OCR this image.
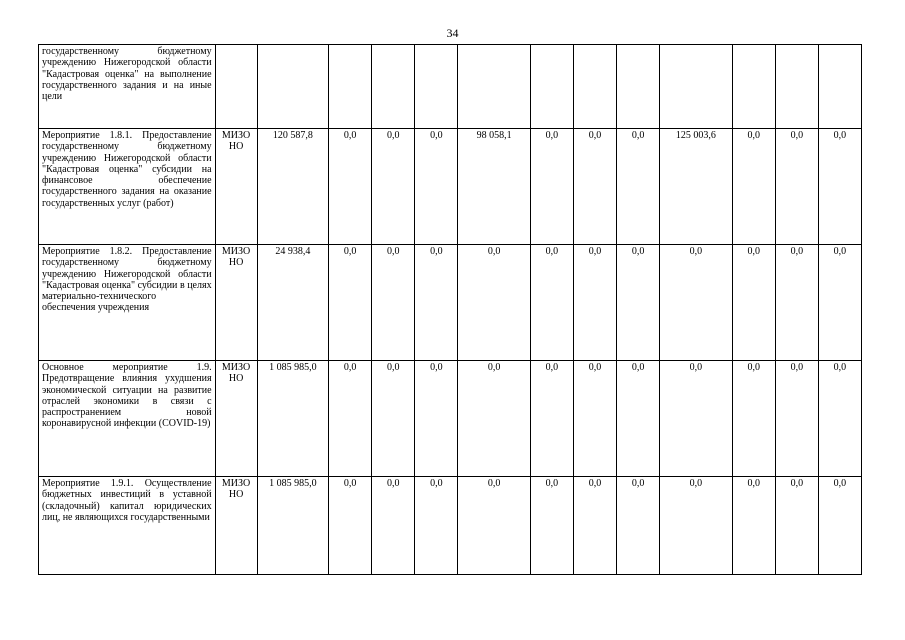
34
государственному бюджетному учреждению Нижегородской области "Кадастровая оценка" на выполнение государственного задания и на иные цели													
Мероприятие 1.8.1. Предоставление государственному бюджетному учреждению Нижегородской области "Кадастровая оценка" субсидии на финансовое обеспечение государственного задания на оказание государственных услуг (работ)	МИЗО НО	120 587,8	0,0	0,0	0,0	98 058,1	0,0	0,0	0,0	125 003,6	0,0	0,0	0,0
Мероприятие 1.8.2. Предоставление государственному бюджетному учреждению Нижегородской области "Кадастровая оценка" субсидии в целях материально-технического обеспечения учреждения	МИЗО НО	24 938,4	0,0	0,0	0,0	0,0	0,0	0,0	0,0	0,0	0,0	0,0	0,0
Основное мероприятие 1.9. Предотвращение влияния ухудшения экономической ситуации на развитие отраслей экономики в связи с распространением новой коронавирусной инфекции (COVID-19)	МИЗО НО	1 085 985,0	0,0	0,0	0,0	0,0	0,0	0,0	0,0	0,0	0,0	0,0	0,0
Мероприятие 1.9.1. Осуществление бюджетных инвестиций в уставной (складочный) капитал юридических лиц, не являющихся государственными	МИЗО НО	1 085 985,0	0,0	0,0	0,0	0,0	0,0	0,0	0,0	0,0	0,0	0,0	0,0
